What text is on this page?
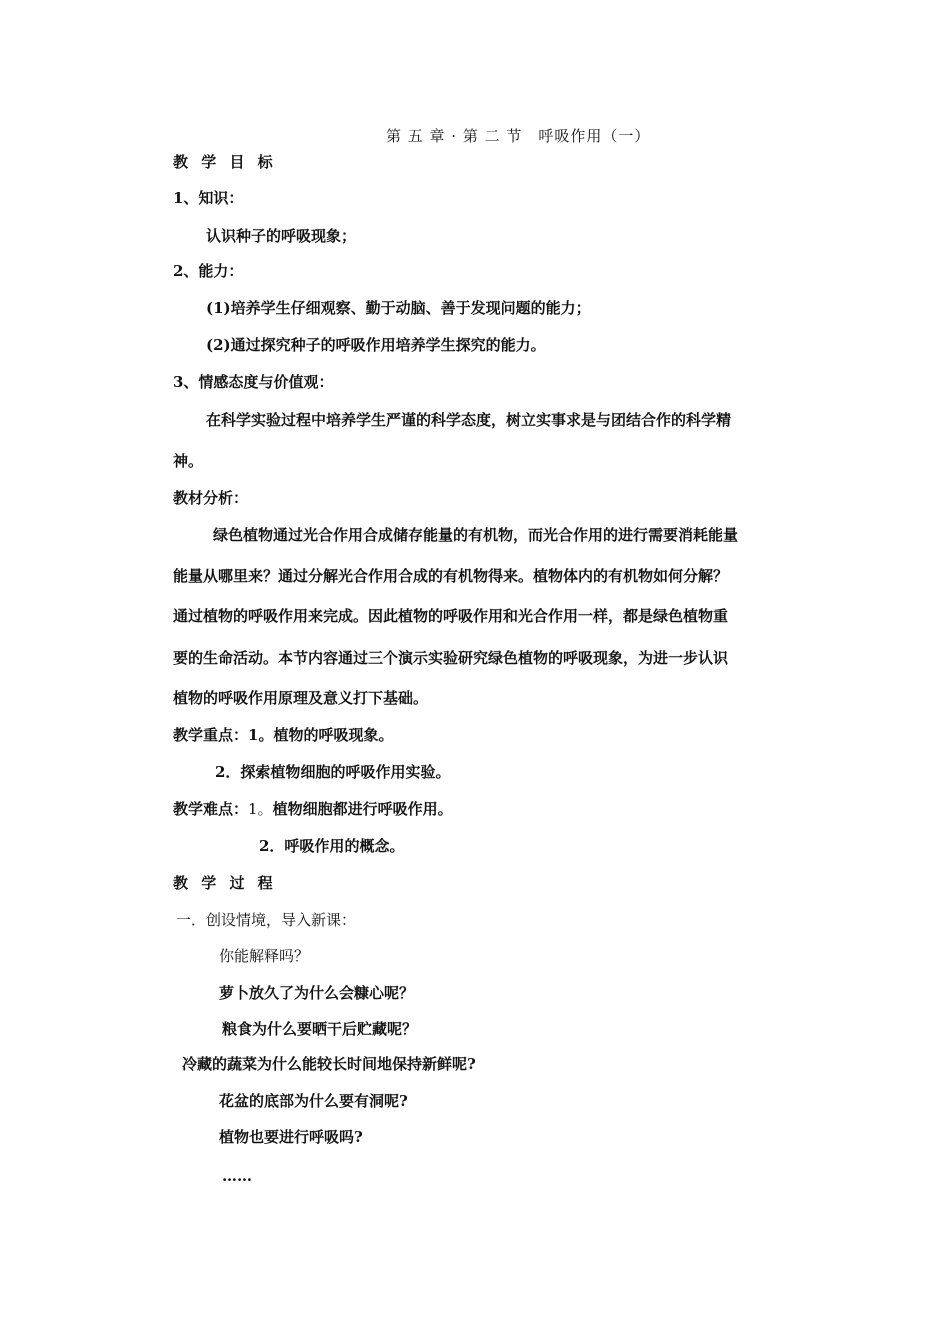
第 五 章 · 第 二 节　呼吸作用（一）
教 学 目 标
1、知识：
认识种子的呼吸现象；
2、能力：
(1)培养学生仔细观察、勤于动脑、善于发现问题的能力；
(2)通过探究种子的呼吸作用培养学生探究的能力。
3、情感态度与价值观：
在科学实验过程中培养学生严谨的科学态度，树立实事求是与团结合作的科学精
神。
教材分析：
绿色植物通过光合作用合成储存能量的有机物，而光合作用的进行需要消耗能量
能量从哪里来？通过分解光合作用合成的有机物得来。植物体内的有机物如何分解？
通过植物的呼吸作用来完成。因此植物的呼吸作用和光合作用一样，都是绿色植物重
要的生命活动。本节内容通过三个演示实验研究绿色植物的呼吸现象，为进一步认识
植物的呼吸作用原理及意义打下基础。
教学重点：1。植物的呼吸现象。
2．探索植物细胞的呼吸作用实验。
教学难点：1。植物细胞都进行呼吸作用。
2．呼吸作用的概念。
教 学 过 程
一．创设情境，导入新课：
你能解释吗？
萝卜放久了为什么会糠心呢？
粮食为什么要晒干后贮藏呢？
冷藏的蔬菜为什么能较长时间地保持新鲜呢?
花盆的底部为什么要有洞呢?
植物也要进行呼吸吗?
……
